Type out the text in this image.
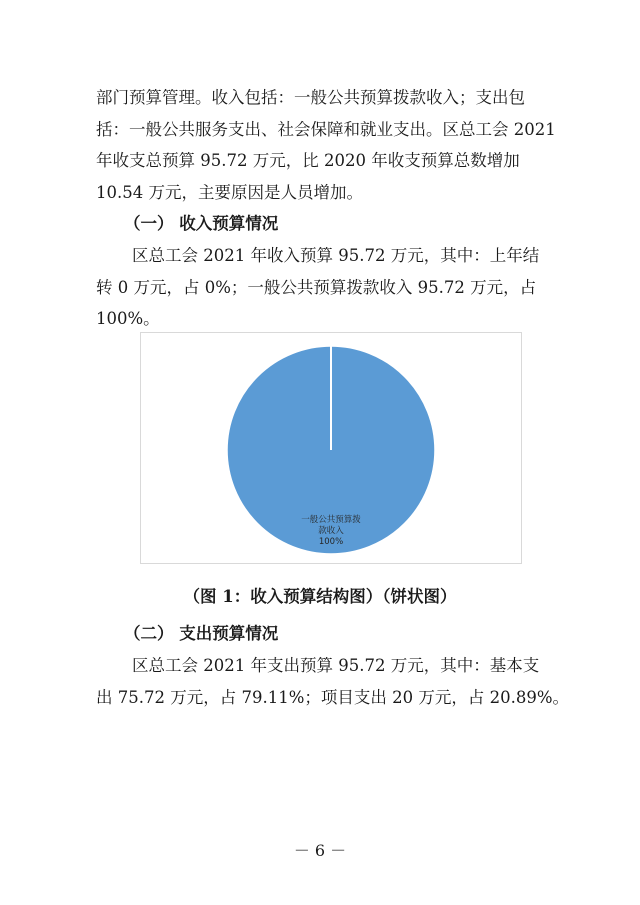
部门预算管理。收入包括：一般公共预算拨款收入；支出包
括：一般公共服务支出、社会保障和就业支出。区总工会 2021
年收支总预算 95.72 万元，比 2020 年收支预算总数增加
10.54 万元，主要原因是人员增加。
（一） 收入预算情况
区总工会 2021 年收入预算 95.72 万元，其中：上年结
转 0 万元，占 0%；一般公共预算拨款收入 95.72 万元，占
100%。
一般公共预算拨
款收入
100%
（图 1：收入预算结构图）（饼状图）
（二） 支出预算情况
区总工会 2021 年支出预算 95.72 万元，其中：基本支
出 75.72 万元，占 79.11%；项目支出 20 万元，占 20.89%。
－ 6 －
